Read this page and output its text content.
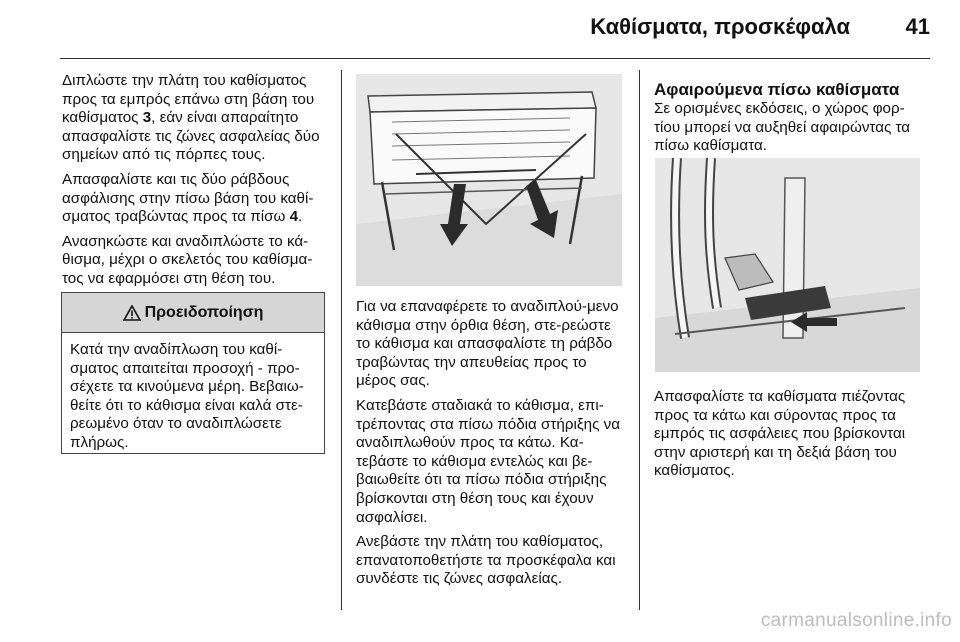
Καθίσματα, προσκέφαλα	41

Διπλώστε την πλάτη του καθίσματος προς τα εμπρός επάνω στη βάση του καθίσματος 3, εάν είναι απαραίτητο απασφαλίστε τις ζώνες ασφαλείας δύο σημείων από τις πόρπες τους.

Απασφαλίστε και τις δύο ράβδους ασφάλισης στην πίσω βάση του καθί-σματος τραβώντας προς τα πίσω 4.

Ανασηκώστε και αναδιπλώστε το κά-θισμα, μέχρι ο σκελετός του καθίσμα-τος να εφαρμόσει στη θέση του.

Προειδοποίηση
Κατά την αναδίπλωση του καθί-σματος απαιτείται προσοχή - προ-σέχετε τα κινούμενα μέρη. Βεβαιω-θείτε ότι το κάθισμα είναι καλά στε-ρεωμένο όταν το αναδιπλώσετε πλήρως.

Για να επαναφέρετε το αναδιπλού-μενο κάθισμα στην όρθια θέση, στε-ρεώστε το κάθισμα και απασφαλίστε τη ράβδο τραβώντας την απευθείας προς το μέρος σας.

Κατεβάστε σταδιακά το κάθισμα, επι-τρέποντας στα πίσω πόδια στήριξης να αναδιπλωθούν προς τα κάτω. Κα-τεβάστε το κάθισμα εντελώς και βε-βαιωθείτε ότι τα πίσω πόδια στήριξης βρίσκονται στη θέση τους και έχουν ασφαλίσει.

Ανεβάστε την πλάτη του καθίσματος, επανατοποθετήστε τα προσκέφαλα και συνδέστε τις ζώνες ασφαλείας.

Αφαιρούμενα πίσω καθίσματα

Σε ορισμένες εκδόσεις, ο χώρος φορ-τίου μπορεί να αυξηθεί αφαιρώντας τα πίσω καθίσματα.

Απασφαλίστε τα καθίσματα πιέζοντας προς τα κάτω και σύροντας προς τα εμπρός τις ασφάλειες που βρίσκονται στην αριστερή και τη δεξιά βάση του καθίσματος.

carmanualsonline.info
